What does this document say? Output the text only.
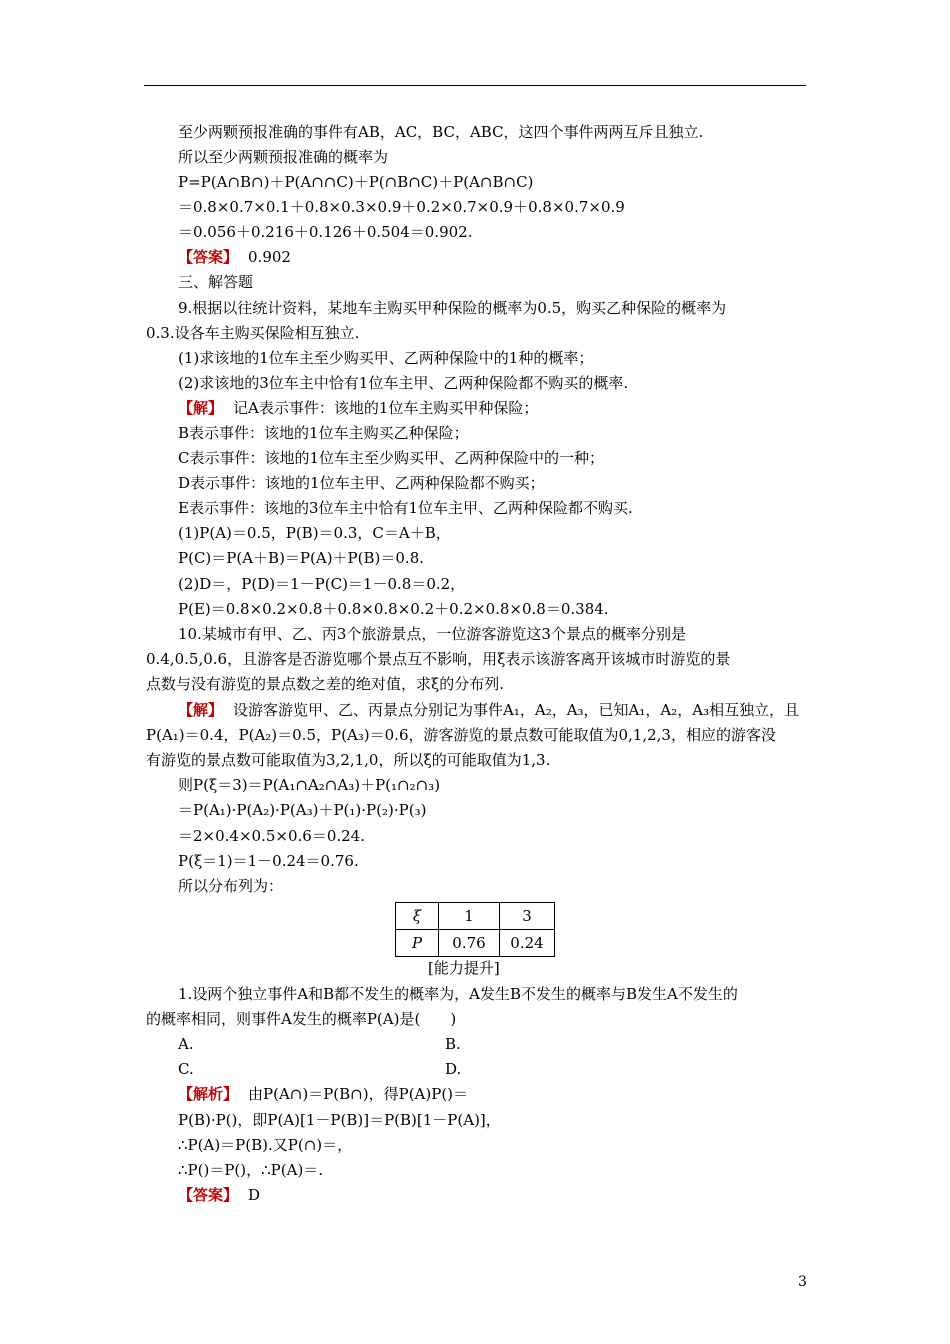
至少两颗预报准确的事件有AB，AC，BC，ABC，这四个事件两两互斥且独立.
所以至少两颗预报准确的概率为
P=P(A∩B∩)＋P(A∩∩C)＋P(∩B∩C)＋P(A∩B∩C)
＝0.8×0.7×0.1＋0.8×0.3×0.9＋0.2×0.7×0.9＋0.8×0.7×0.9
＝0.056＋0.216＋0.126＋0.504＝0.902.
【答案】 0.902
三、解答题
9.根据以往统计资料，某地车主购买甲种保险的概率为0.5，购买乙种保险的概率为
0.3.设各车主购买保险相互独立.
(1)求该地的1位车主至少购买甲、乙两种保险中的1种的概率；
(2)求该地的3位车主中恰有1位车主甲、乙两种保险都不购买的概率.
【解】 记A表示事件：该地的1位车主购买甲种保险；
B表示事件：该地的1位车主购买乙种保险；
C表示事件：该地的1位车主至少购买甲、乙两种保险中的一种；
D表示事件：该地的1位车主甲、乙两种保险都不购买；
E表示事件：该地的3位车主中恰有1位车主甲、乙两种保险都不购买.
(1)P(A)＝0.5，P(B)＝0.3，C＝A＋B，
P(C)＝P(A＋B)＝P(A)＋P(B)＝0.8.
(2)D＝，P(D)＝1－P(C)＝1－0.8＝0.2，
P(E)＝0.8×0.2×0.8＋0.8×0.8×0.2＋0.2×0.8×0.8＝0.384.
10.某城市有甲、乙、丙3个旅游景点，一位游客游览这3个景点的概率分别是
0.4,0.5,0.6，且游客是否游览哪个景点互不影响，用ξ表示该游客离开该城市时游览的景
点数与没有游览的景点数之差的绝对值，求ξ的分布列.
【解】 设游客游览甲、乙、丙景点分别记为事件A₁，A₂，A₃，已知A₁，A₂，A₃相互独立，且
P(A₁)＝0.4，P(A₂)＝0.5，P(A₃)＝0.6，游客游览的景点数可能取值为0,1,2,3，相应的游客没
有游览的景点数可能取值为3,2,1,0，所以ξ的可能取值为1,3.
则P(ξ＝3)＝P(A₁∩A₂∩A₃)＋P(₁∩₂∩₃)
＝P(A₁)·P(A₂)·P(A₃)＋P(₁)·P(₂)·P(₃)
＝2×0.4×0.5×0.6＝0.24.
P(ξ＝1)＝1－0.24＝0.76.
所以分布列为：
ξ	1	3
P	0.76	0.24
[能力提升]
1.设两个独立事件A和B都不发生的概率为，A发生B不发生的概率与B发生A不发生的
的概率相同，则事件A发生的概率P(A)是(　　)
A.	B.
C.	D.
【解析】 由P(A∩)＝P(B∩)，得P(A)P()＝
P(B)·P()，即P(A)[1－P(B)]＝P(B)[1－P(A)]，
∴P(A)＝P(B).又P(∩)＝，
∴P()＝P()，∴P(A)＝.
【答案】 D
3
